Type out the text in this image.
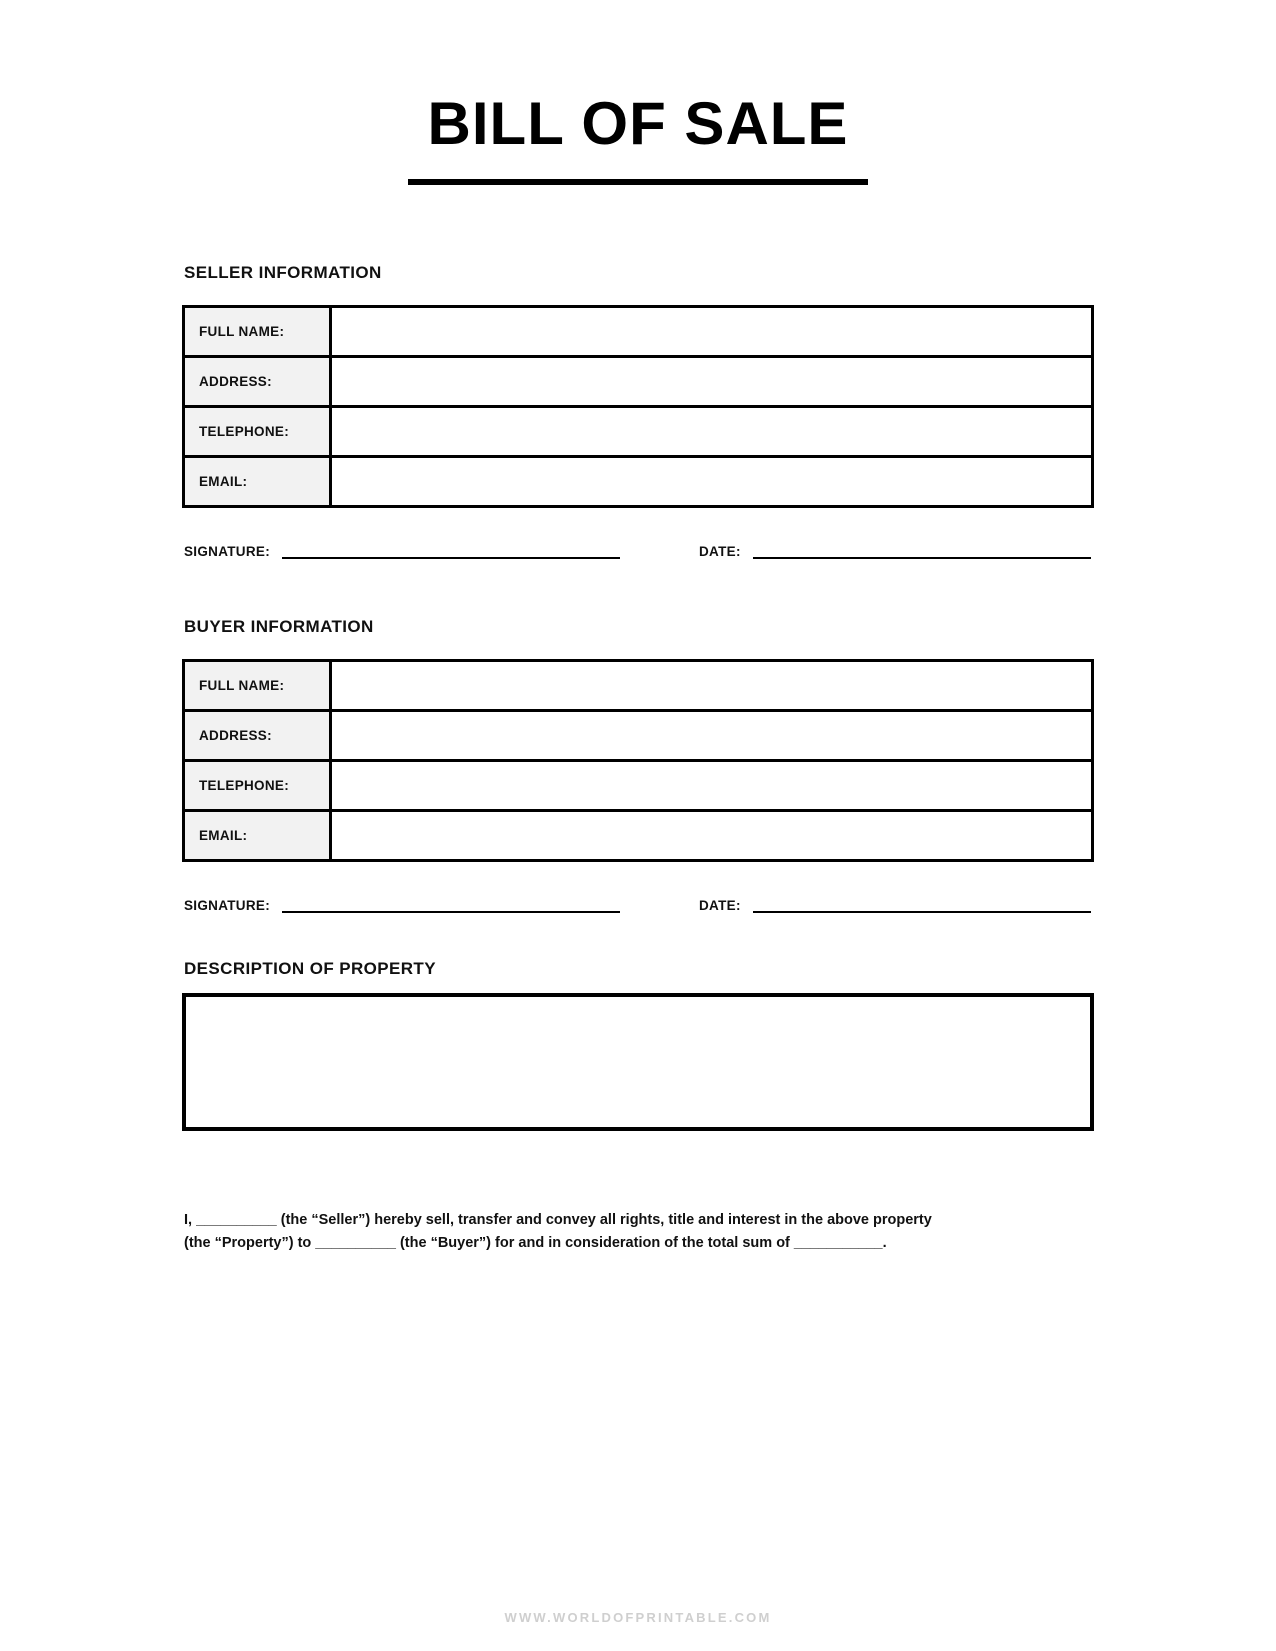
BILL OF SALE
SELLER INFORMATION
FULL NAME:	

ADDRESS:	

TELEPHONE:	

EMAIL:	
SIGNATURE:	DATE:
BUYER INFORMATION
FULL NAME:	

ADDRESS:	

TELEPHONE:	

EMAIL:	
SIGNATURE:	DATE:
DESCRIPTION OF PROPERTY
I, __________ (the “Seller”) hereby sell, transfer and convey all rights, title and interest in the above property
(the “Property”) to __________ (the “Buyer”) for and in consideration of the total sum of ___________.
WWW.WORLDOFPRINTABLE.COM
